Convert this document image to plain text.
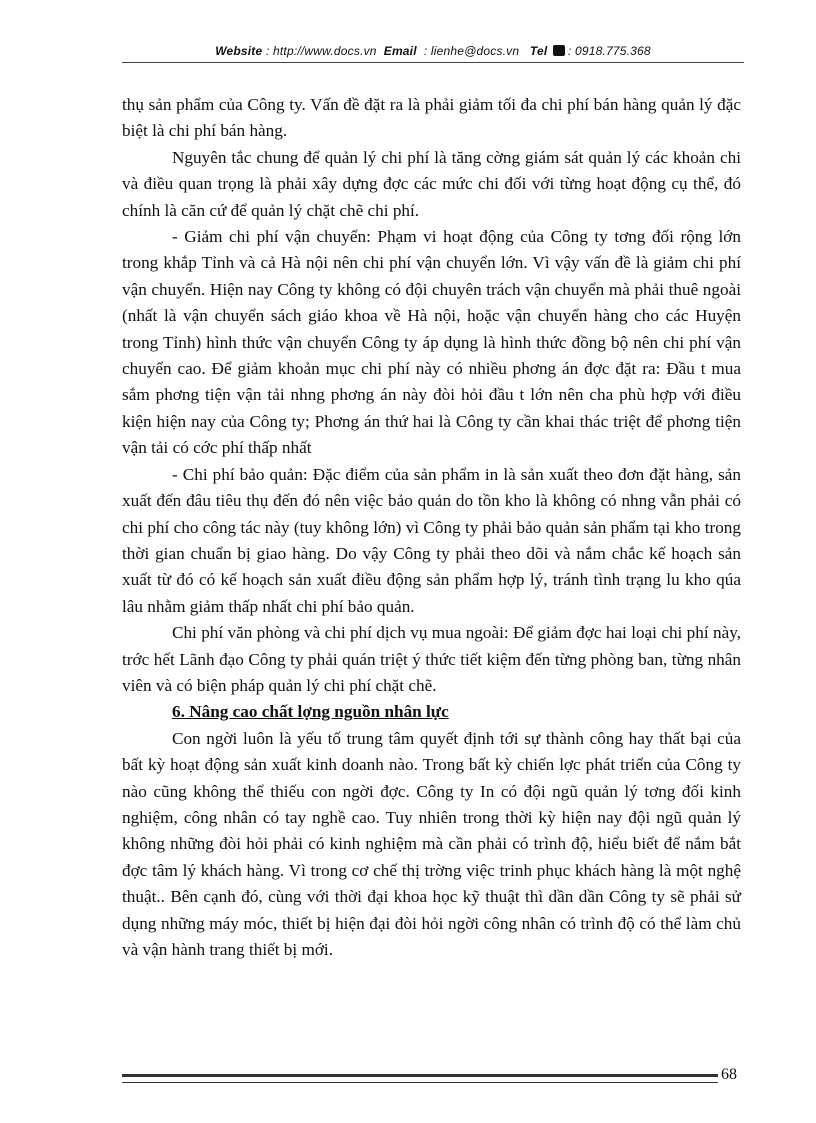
Website : http://www.docs.vn Email : lienhe@docs.vn Tel : 0918.775.368

thụ sản phẩm của Công ty. Vấn đề đặt ra là phải giảm tối đa chi phí bán hàng quản lý đặc biệt là chi phí bán hàng.

Nguyên tắc chung để quản lý chi phí là tăng cờng giám sát quản lý các khoản chi và điều quan trọng là phải xây dựng đợc các mức chi đối với từng hoạt động cụ thể, đó chính là căn cứ để quản lý chặt chẽ chi phí.

- Giảm chi phí vận chuyển: Phạm vi hoạt động của Công ty tơng đối rộng lớn trong khắp Tỉnh và cả Hà nội nên chi phí vận chuyển lớn. Vì vậy vấn đề là giảm chi phí vận chuyển. Hiện nay Công ty không có đội chuyên trách vận chuyển mà phải thuê ngoài (nhất là vận chuyển sách giáo khoa về Hà nội, hoặc vận chuyển hàng cho các Huyện trong Tỉnh) hình thức vận chuyển Công ty áp dụng là hình thức đồng bộ nên chi phí vận chuyển cao. Để giảm khoản mục chi phí này có nhiều phơng án đợc đặt ra: Đầu t mua sắm phơng tiện vận tải nhng phơng án này đòi hỏi đầu t lớn nên cha phù hợp với điều kiện hiện nay của Công ty; Phơng án thứ hai là Công ty cần khai thác triệt để phơng tiện vận tải có cớc phí thấp nhất

- Chi phí bảo quản: Đặc điểm của sản phẩm in là sản xuất theo đơn đặt hàng, sản xuất đến đâu tiêu thụ đến đó nên việc bảo quản do tồn kho là không có nhng vẫn phải có chi phí cho công tác này (tuy không lớn) vì Công ty phải bảo quản sản phẩm tại kho trong thời gian chuẩn bị giao hàng. Do vậy Công ty phải theo dõi và nắm chắc kế hoạch sản xuất từ đó có kế hoạch sản xuất điều động sản phẩm hợp lý, tránh tình trạng lu kho qúa lâu nhằm giảm thấp nhất chi phí bảo quản.

Chi phí văn phòng và chi phí dịch vụ mua ngoài: Để giảm đợc hai loại chi phí này, trớc hết Lãnh đạo Công ty phải quán triệt ý thức tiết kiệm đến từng phòng ban, từng nhân viên và có biện pháp quản lý chi phí chặt chẽ.

6. Nâng cao chất lợng nguồn nhân lực

Con ngời luôn là yếu tố trung tâm quyết định tới sự thành công hay thất bại của bất kỳ hoạt động sản xuất kinh doanh nào. Trong bất kỳ chiến lợc phát triển của Công ty nào cũng không thể thiếu con ngời đợc. Công ty In có đội ngũ quản lý tơng đối kinh nghiệm, công nhân có tay nghề cao. Tuy nhiên trong thời kỳ hiện nay đội ngũ quản lý không những đòi hỏi phải có kinh nghiệm mà cần phải có trình độ, hiểu biết để nắm bắt đợc tâm lý khách hàng. Vì trong cơ chế thị trờng việc trinh phục khách hàng là một nghệ thuật.. Bên cạnh đó, cùng với thời đại khoa học kỹ thuật thì dần dần Công ty sẽ phải sử dụng những máy móc, thiết bị hiện đại đòi hỏi ngời công nhân có trình độ có thể làm chủ và vận hành trang thiết bị mới.

68
